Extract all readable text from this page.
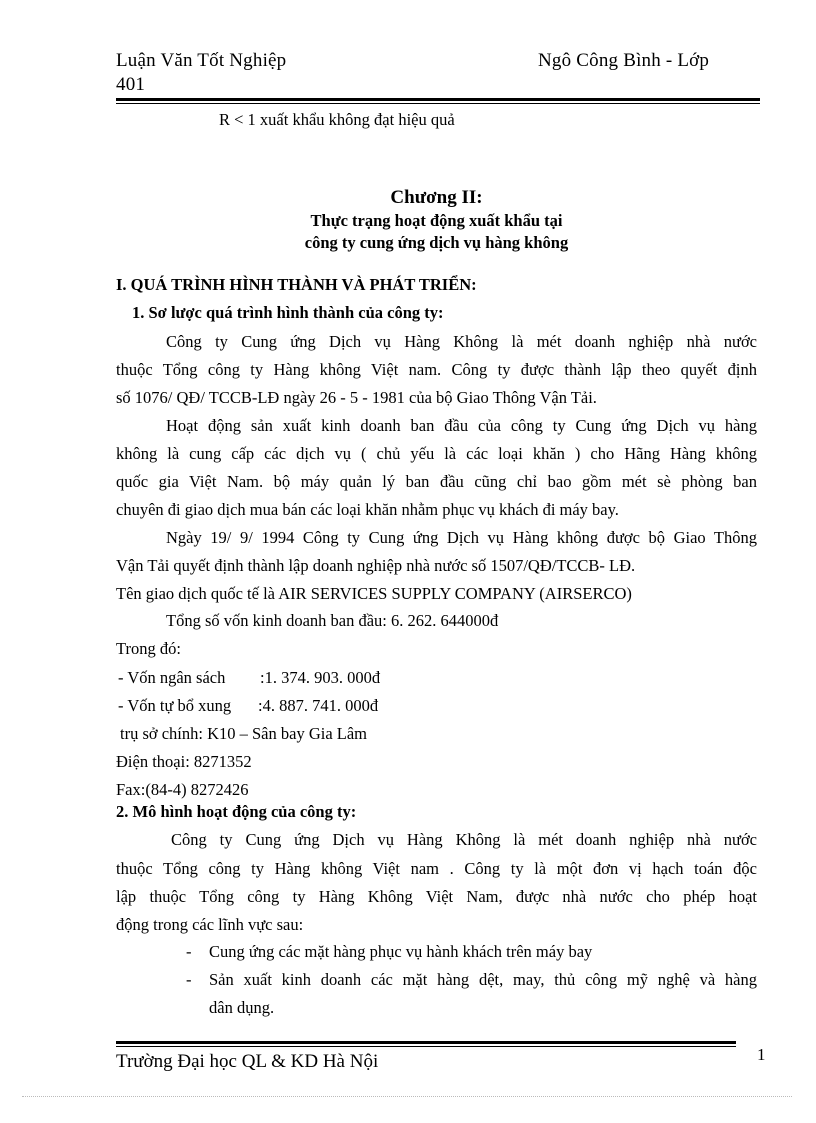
Luận Văn Tốt Nghiệp	Ngô Công Bình - Lớp
401
R < 1 xuất khẩu không đạt hiệu quả
Chương II:
Thực trạng hoạt động xuất khẩu tại
công ty cung ứng dịch vụ hàng không
I. QUÁ TRÌNH HÌNH THÀNH VÀ PHÁT TRIỂN:
1. Sơ lược quá trình hình thành của công ty:
Công ty Cung ứng Dịch vụ Hàng Không là mét doanh nghiệp nhà nước
thuộc Tổng công ty Hàng không Việt nam. Công ty được thành lập theo quyết định
số 1076/ QĐ/ TCCB-LĐ ngày 26 - 5 - 1981 của bộ Giao Thông Vận Tải.
Hoạt động sản xuất kinh doanh ban đầu của công ty Cung ứng Dịch vụ hàng
không là cung cấp các dịch vụ ( chủ yếu là các loại khăn ) cho Hãng Hàng không
quốc gia Việt Nam. bộ máy quản lý ban đầu cũng chỉ bao gồm mét sè phòng ban
chuyên đi giao dịch mua bán các loại khăn nhằm phục vụ khách đi máy bay.
Ngày 19/ 9/ 1994 Công ty Cung ứng Dịch vụ Hàng không được bộ Giao Thông
Vận Tải quyết định thành lập doanh nghiệp nhà nước số 1507/QĐ/TCCB- LĐ.
Tên giao dịch quốc tế là AIR SERVICES SUPPLY COMPANY (AIRSERCO)
Tổng số vốn kinh doanh ban đầu: 6. 262. 644000đ
Trong đó:
- Vốn ngân sách :1. 374. 903. 000đ
- Vốn tự bổ xung :4. 887. 741. 000đ
trụ sở chính: K10 – Sân bay Gia Lâm
Điện thoại: 8271352
Fax:(84-4) 8272426
2. Mô hình hoạt động của công ty:
Công ty Cung ứng Dịch vụ Hàng Không là mét doanh nghiệp nhà nước
thuộc Tổng công ty Hàng không Việt nam . Công ty là một đơn vị hạch toán độc
lập thuộc Tổng công ty Hàng Không Việt Nam, được nhà nước cho phép hoạt
động trong các lĩnh vực sau:
- Cung ứng các mặt hàng phục vụ hành khách trên máy bay
- Sản xuất kinh doanh các mặt hàng dệt, may, thủ công mỹ nghệ và hàng
dân dụng.
Trường Đại học QL & KD Hà Nội	1
